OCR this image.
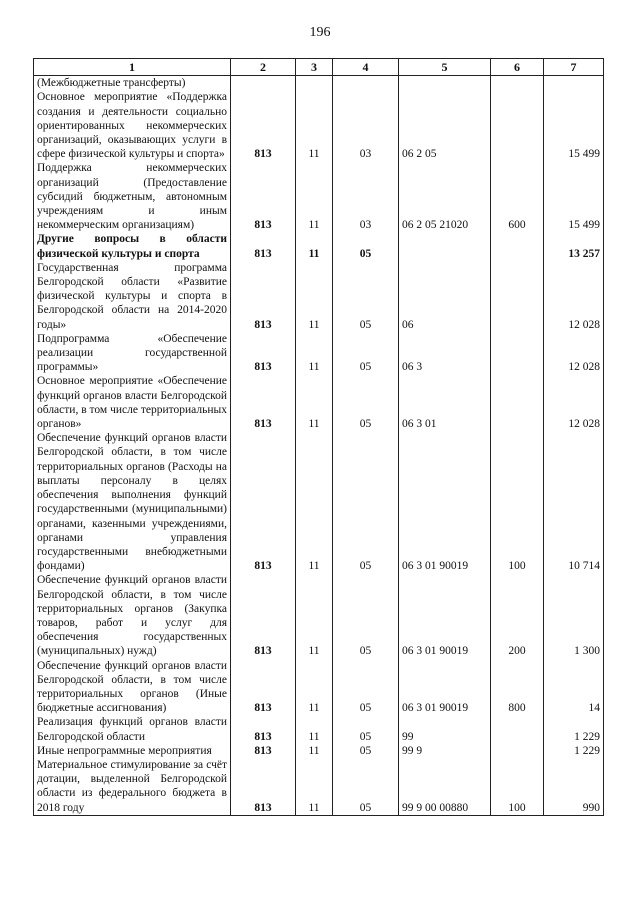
196
1	2	3	4	5	6	7
(Межбюджетные трансферты)						
Основное мероприятие «Поддержка создания и деятельности социально ориентированных некоммерческих организаций, оказывающих услуги в сфере физической культуры и спорта»	813	11	03	06 2 05		15 499
Поддержка некоммерческих организаций (Предоставление субсидий бюджетным, автономным учреждениям и иным некоммерческим организациям)	813	11	03	06 2 05 21020	600	15 499
Другие вопросы в области физической культуры и спорта	813	11	05			13 257
Государственная программа Белгородской области «Развитие физической культуры и спорта в Белгородской области на 2014-2020 годы»	813	11	05	06		12 028
Подпрограмма «Обеспечение реализации государственной программы»	813	11	05	06 3		12 028
Основное мероприятие «Обеспечение функций органов власти Белгородской области, в том числе территориальных органов»	813	11	05	06 3 01		12 028
Обеспечение функций органов власти Белгородской области, в том числе территориальных органов (Расходы на выплаты персоналу в целях обеспечения выполнения функций государственными (муниципальными) органами, казенными учреждениями, органами управления государственными внебюджетными фондами)	813	11	05	06 3 01 90019	100	10 714
Обеспечение функций органов власти Белгородской области, в том числе территориальных органов (Закупка товаров, работ и услуг для обеспечения государственных (муниципальных) нужд)	813	11	05	06 3 01 90019	200	1 300
Обеспечение функций органов власти Белгородской области, в том числе территориальных органов (Иные бюджетные ассигнования)	813	11	05	06 3 01 90019	800	14
Реализация функций органов власти Белгородской области	813	11	05	99		1 229
Иные непрограммные мероприятия	813	11	05	99 9		1 229
Материальное стимулирование за счёт дотации, выделенной Белгородской области из федерального бюджета в 2018 году	813	11	05	99 9 00 00880	100	990
